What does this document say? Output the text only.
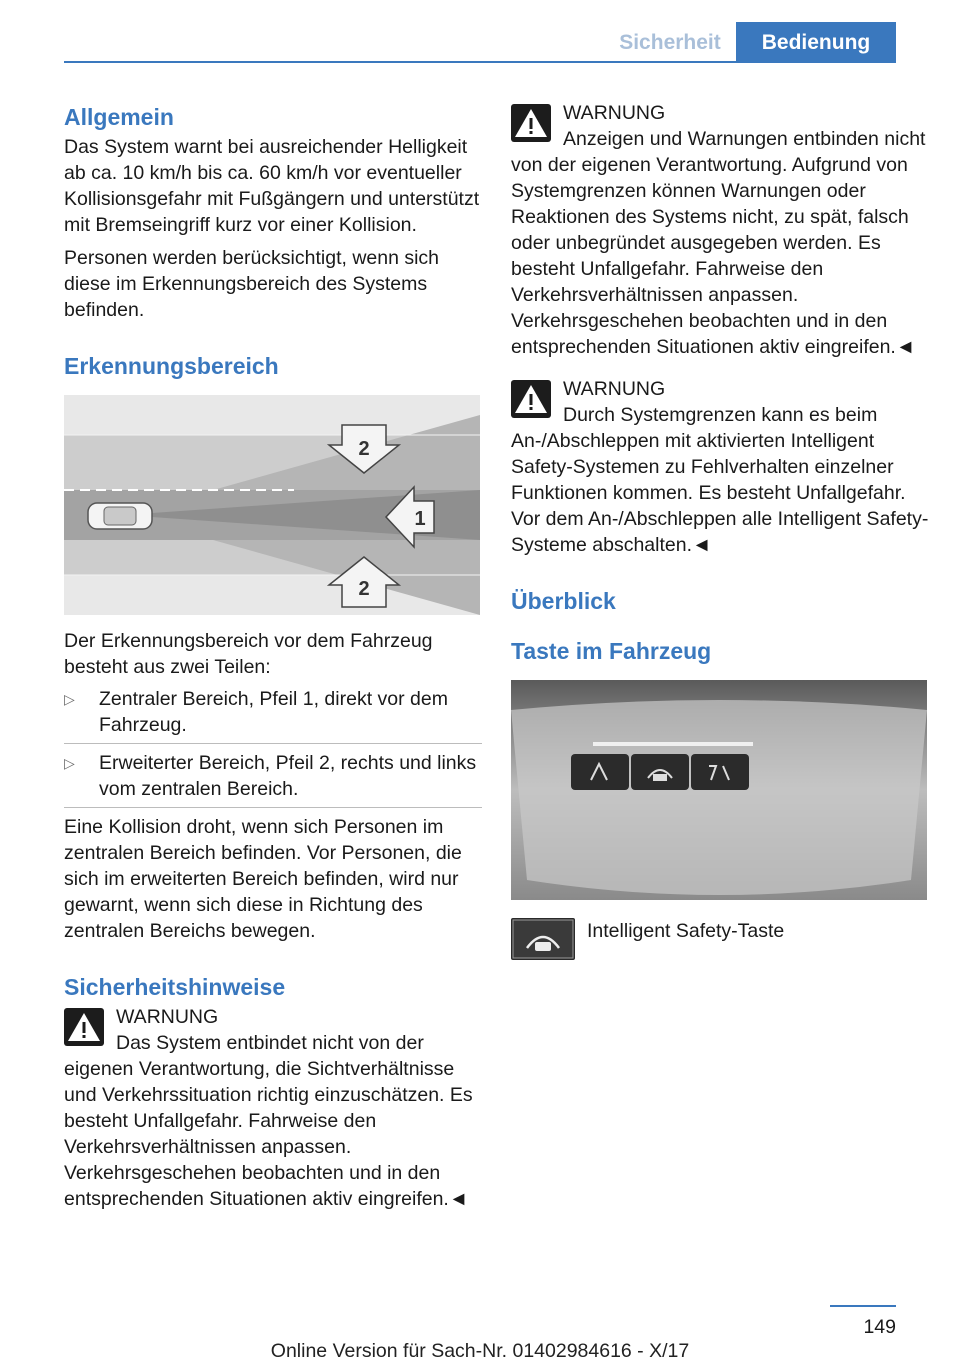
Sicherheit	Bedienung
Allgemein

Das System warnt bei ausreichender Helligkeit ab ca. 10 km/h bis ca. 60 km/h vor eventueller Kollisionsgefahr mit Fußgängern und unterstützt mit Bremseingriff kurz vor einer Kollision.

Personen werden berücksichtigt, wenn sich diese im Erkennungsbereich des Systems befinden.

Erkennungsbereich
2
1
2

Der Erkennungsbereich vor dem Fahrzeug besteht aus zwei Teilen:

▷ Zentraler Bereich, Pfeil 1, direkt vor dem Fahrzeug.
▷ Erweiterter Bereich, Pfeil 2, rechts und links vom zentralen Bereich.

Eine Kollision droht, wenn sich Personen im zentralen Bereich befinden. Vor Personen, die sich im erweiterten Bereich befinden, wird nur gewarnt, wenn sich diese in Richtung des zentralen Bereichs bewegen.

Sicherheitshinweise
WARNUNG

Das System entbindet nicht von der eigenen Verantwortung, die Sichtverhältnisse und Verkehrssituation richtig einzuschätzen. Es besteht Unfallgefahr. Fahrweise den Verkehrsverhältnissen anpassen. Verkehrsgeschehen beobachten und in den entsprechenden Situationen aktiv eingreifen.◄

WARNUNG

Anzeigen und Warnungen entbinden nicht von der eigenen Verantwortung. Aufgrund von Systemgrenzen können Warnungen oder Reaktionen des Systems nicht, zu spät, falsch oder unbegründet ausgegeben werden. Es besteht Unfallgefahr. Fahrweise den Verkehrsverhältnissen anpassen. Verkehrsgeschehen beobachten und in den entsprechenden Situationen aktiv eingreifen.◄

WARNUNG

Durch Systemgrenzen kann es beim An-/Abschleppen mit aktivierten Intelligent Safety-Systemen zu Fehlverhalten einzelner Funktionen kommen. Es besteht Unfallgefahr. Vor dem An-/Abschleppen alle Intelligent Safety-Systeme abschalten.◄

Überblick
Taste im Fahrzeug
Intelligent Safety-Taste
149
Online Version für Sach-Nr. 01402984616 - X/17
